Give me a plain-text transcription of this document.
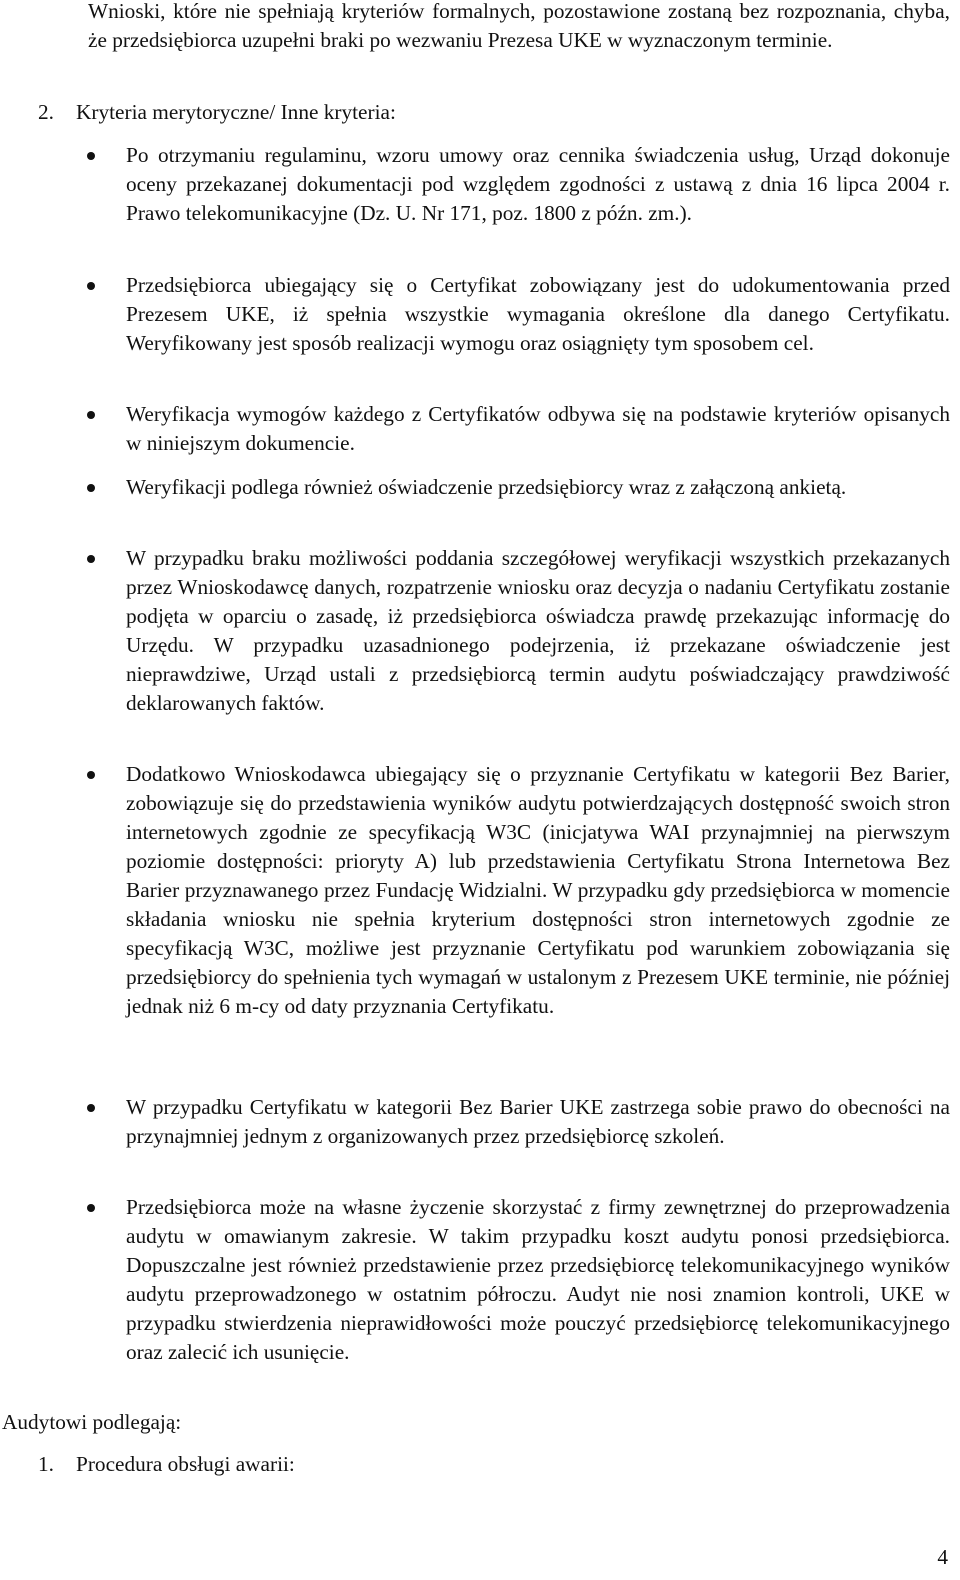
Wnioski, które nie spełniają kryteriów formalnych, pozostawione zostaną bez rozpoznania, chyba, że przedsiębiorca uzupełni braki po wezwaniu Prezesa UKE w wyznaczonym terminie.
2. Kryteria merytoryczne/ Inne kryteria:
Po otrzymaniu regulaminu, wzoru umowy oraz cennika świadczenia usług, Urząd dokonuje oceny przekazanej dokumentacji pod względem zgodności z ustawą z dnia 16 lipca 2004 r. Prawo telekomunikacyjne (Dz. U. Nr 171, poz. 1800 z późn. zm.).
Przedsiębiorca ubiegający się o Certyfikat zobowiązany jest do udokumentowania przed Prezesem UKE, iż spełnia wszystkie wymagania określone dla danego Certyfikatu. Weryfikowany jest sposób realizacji wymogu oraz osiągnięty tym sposobem cel.
Weryfikacja wymogów każdego z Certyfikatów odbywa się na podstawie kryteriów opisanych w niniejszym dokumencie.
Weryfikacji podlega również oświadczenie przedsiębiorcy wraz z załączoną ankietą.
W przypadku braku możliwości poddania szczegółowej weryfikacji wszystkich przekazanych przez Wnioskodawcę danych, rozpatrzenie wniosku oraz decyzja o nadaniu Certyfikatu zostanie podjęta w oparciu o zasadę, iż przedsiębiorca oświadcza prawdę przekazując informację do Urzędu. W przypadku uzasadnionego podejrzenia, iż przekazane oświadczenie jest nieprawdziwe, Urząd ustali z przedsiębiorcą termin audytu poświadczający prawdziwość deklarowanych faktów.
Dodatkowo Wnioskodawca ubiegający się o przyznanie Certyfikatu w kategorii Bez Barier, zobowiązuje się do przedstawienia wyników audytu potwierdzających dostępność swoich stron internetowych zgodnie ze specyfikacją W3C (inicjatywa WAI przynajmniej na pierwszym poziomie dostępności: prioryty A) lub przedstawienia Certyfikatu Strona Internetowa Bez Barier przyznawanego przez Fundację Widzialni. W przypadku gdy przedsiębiorca w momencie składania wniosku nie spełnia kryterium dostępności stron internetowych zgodnie ze specyfikacją W3C, możliwe jest przyznanie Certyfikatu pod warunkiem zobowiązania się przedsiębiorcy do spełnienia tych wymagań w ustalonym z Prezesem UKE terminie, nie później jednak niż 6 m-cy od daty przyznania Certyfikatu.
W przypadku Certyfikatu w kategorii Bez Barier UKE zastrzega sobie prawo do obecności na przynajmniej jednym z organizowanych przez przedsiębiorcę szkoleń.
Przedsiębiorca może na własne życzenie skorzystać z firmy zewnętrznej do przeprowadzenia audytu w omawianym zakresie. W takim przypadku koszt audytu ponosi przedsiębiorca. Dopuszczalne jest również przedstawienie przez przedsiębiorcę telekomunikacyjnego wyników audytu przeprowadzonego w ostatnim półroczu. Audyt nie nosi znamion kontroli, UKE w przypadku stwierdzenia nieprawidłowości może pouczyć przedsiębiorcę telekomunikacyjnego oraz zalecić ich usunięcie.
Audytowi podlegają:
1. Procedura obsługi awarii:
4
